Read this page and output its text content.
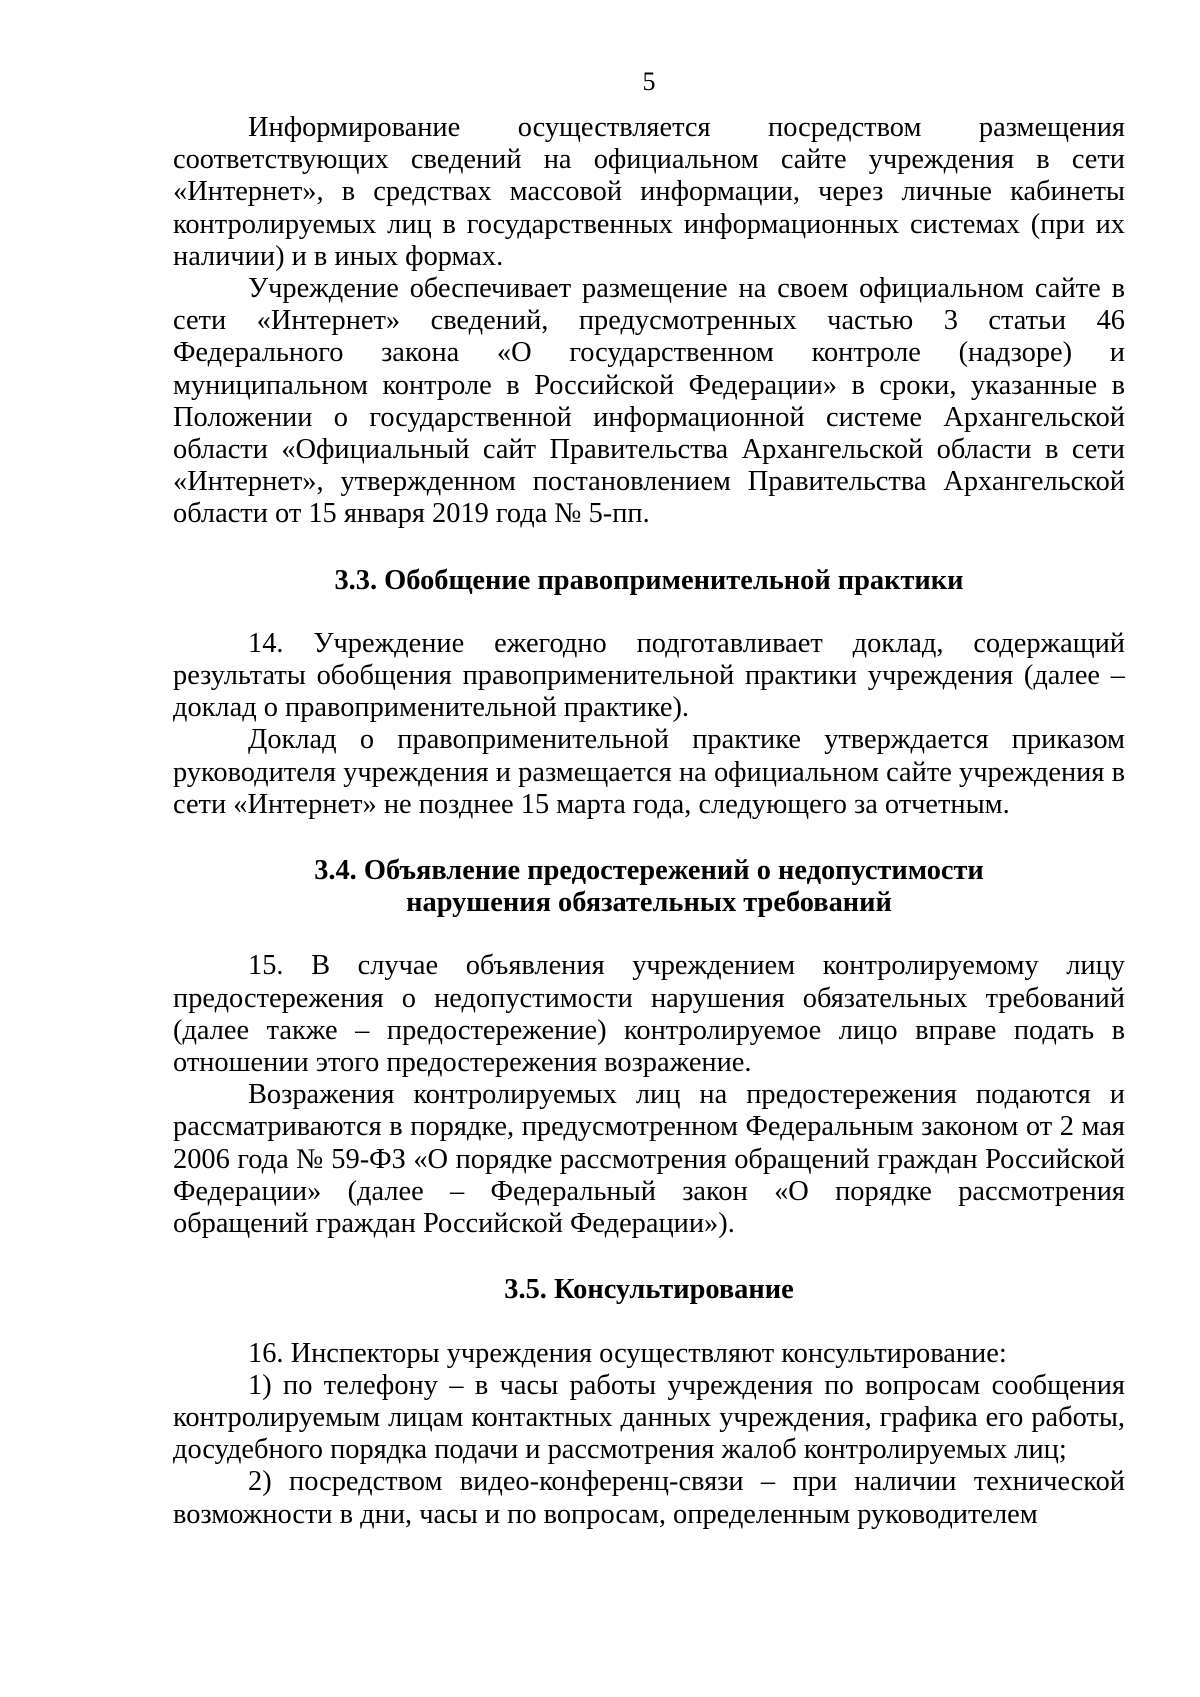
5

Информирование осуществляется посредством размещения соответствующих сведений на официальном сайте учреждения в сети «Интернет», в средствах массовой информации, через личные кабинеты контролируемых лиц в государственных информационных системах (при их наличии) и в иных формах.

Учреждение обеспечивает размещение на своем официальном сайте в сети «Интернет» сведений, предусмотренных частью 3 статьи 46 Федерального закона «О государственном контроле (надзоре) и муниципальном контроле в Российской Федерации» в сроки, указанные в Положении о государственной информационной системе Архангельской области «Официальный сайт Правительства Архангельской области в сети «Интернет», утвержденном постановлением Правительства Архангельской области от 15 января 2019 года № 5-пп.

3.3. Обобщение правоприменительной практики

14. Учреждение ежегодно подготавливает доклад, содержащий результаты обобщения правоприменительной практики учреждения (далее – доклад о правоприменительной практике).

Доклад о правоприменительной практике утверждается приказом руководителя учреждения и размещается на официальном сайте учреждения в сети «Интернет» не позднее 15 марта года, следующего за отчетным.

3.4. Объявление предостережений о недопустимости
нарушения обязательных требований

15. В случае объявления учреждением контролируемому лицу предостережения о недопустимости нарушения обязательных требований (далее также – предостережение) контролируемое лицо вправе подать в отношении этого предостережения возражение.

Возражения контролируемых лиц на предостережения подаются и рассматриваются в порядке, предусмотренном Федеральным законом от 2 мая 2006 года № 59-ФЗ «О порядке рассмотрения обращений граждан Российской Федерации» (далее – Федеральный закон «О порядке рассмотрения обращений граждан Российской Федерации»).

3.5. Консультирование

16. Инспекторы учреждения осуществляют консультирование:

1) по телефону – в часы работы учреждения по вопросам сообщения контролируемым лицам контактных данных учреждения, графика его работы, досудебного порядка подачи и рассмотрения жалоб контролируемых лиц;

2) посредством видео-конференц-связи – при наличии технической возможности в дни, часы и по вопросам, определенным руководителем
